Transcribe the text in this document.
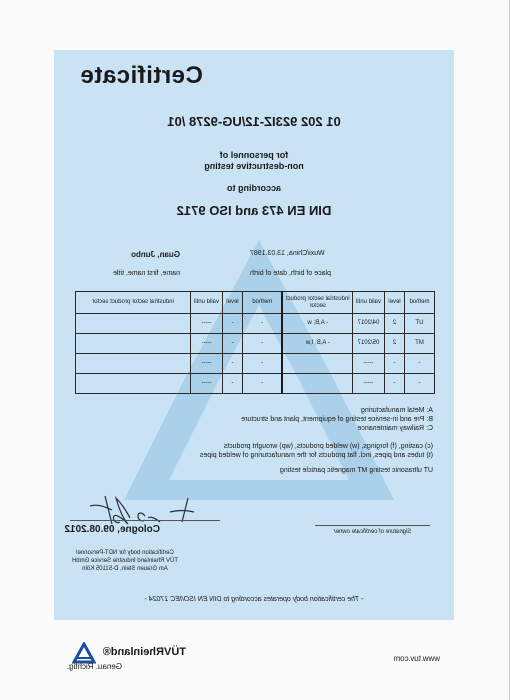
Certificate
01 202 923IZ-12/UG-9278 /01
for personnel of
non-destructive testing
according to
DIN EN 473 and ISO 9712
Guan, Junbo
name, first name, title
Wuxi/China, 13.03.1987
place of birth, date of birth
method	level	valid until	industrial sector product sector	method	level	valid until	industrial sector product sector
UT	2	04/2017	- A,B; w	-	-	-----	
MT	2	05/2017	- A,B; f,w	-	-	-----	
-	-	-----		-	-	-----	
-	-	-----		-	-	-----	
A: Metal manufacturing
B: Pre and in-service testing of equipment, plant and structure
C: Railway maintenance
(c) casting, (f) forgings, (w) welded products, (wp) wrought products
(t) tubes and pipes, incl. flat products for the manufacturing of welded pipes
UT ultrasonic testing MT magnetic particle testing
Cologne, 09.08.2012	Signature of certificate owner
Certification body for NDT-Personnel
TÜV Rheinland Industrie Service GmbH
Am Grauen Stein, D-51105 Köln
- The certification body operates according to DIN EN ISO/IEC 17024 -
TÜVRheinland®
Genau. Richtig.
www.tuv.com
